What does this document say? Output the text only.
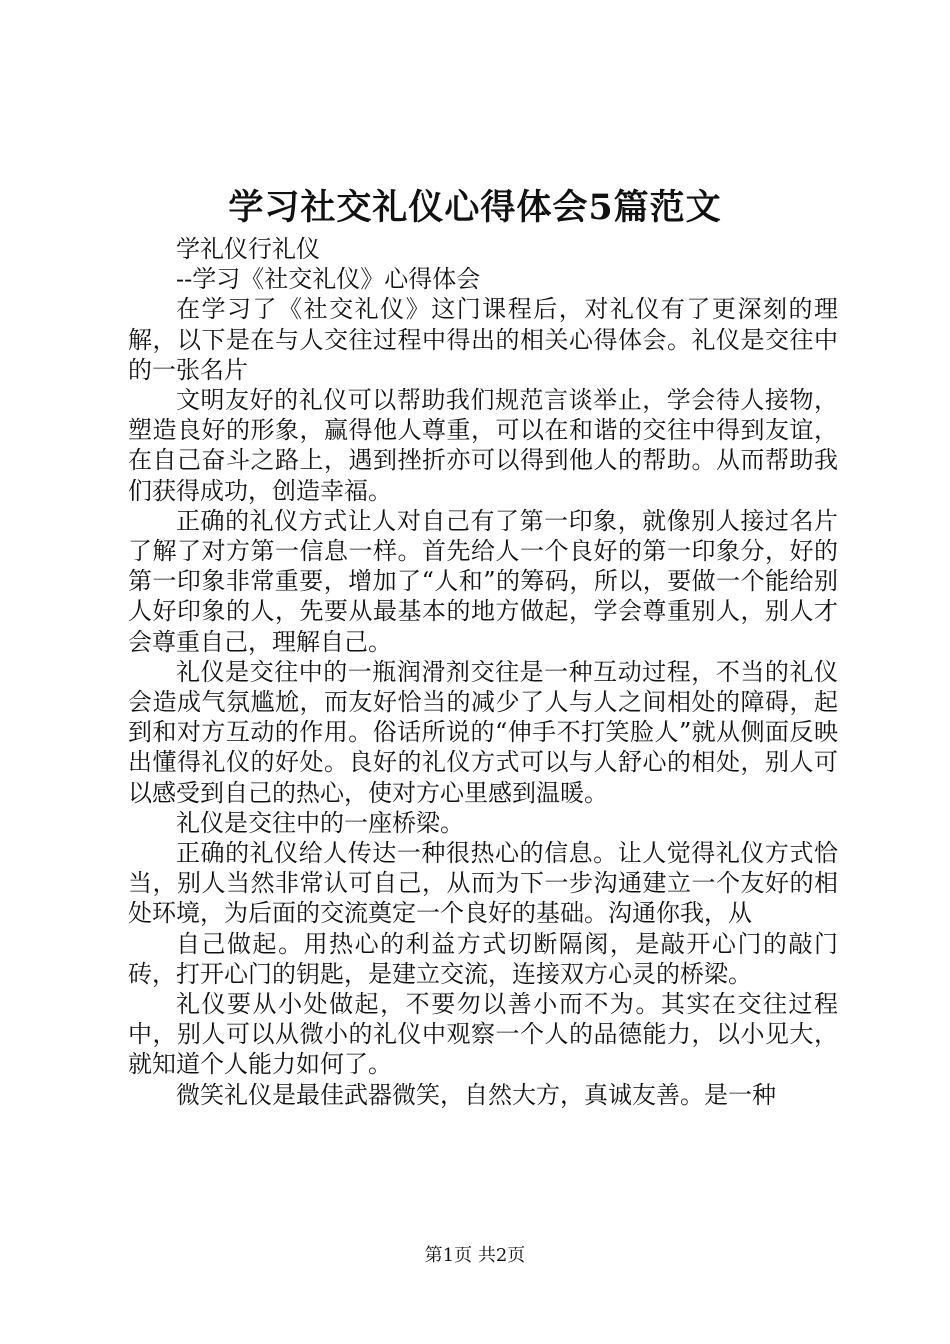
学习社交礼仪心得体会5篇范文

学礼仪行礼仪

--学习《社交礼仪》心得体会

在学习了《社交礼仪》这门课程后，对礼仪有了更深刻的理解，以下是在与人交往过程中得出的相关心得体会。礼仪是交往中的一张名片

文明友好的礼仪可以帮助我们规范言谈举止，学会待人接物，塑造良好的形象，赢得他人尊重，可以在和谐的交往中得到友谊，在自己奋斗之路上，遇到挫折亦可以得到他人的帮助。从而帮助我们获得成功，创造幸福。

正确的礼仪方式让人对自己有了第一印象，就像别人接过名片了解了对方第一信息一样。首先给人一个良好的第一印象分，好的第一印象非常重要，增加了“人和”的筹码，所以，要做一个能给别人好印象的人，先要从最基本的地方做起，学会尊重别人，别人才会尊重自己，理解自己。

礼仪是交往中的一瓶润滑剂交往是一种互动过程，不当的礼仪会造成气氛尴尬，而友好恰当的减少了人与人之间相处的障碍，起到和对方互动的作用。俗话所说的“伸手不打笑脸人”就从侧面反映出懂得礼仪的好处。良好的礼仪方式可以与人舒心的相处，别人可以感受到自己的热心，使对方心里感到温暖。

礼仪是交往中的一座桥梁。

正确的礼仪给人传达一种很热心的信息。让人觉得礼仪方式恰当，别人当然非常认可自己，从而为下一步沟通建立一个友好的相处环境，为后面的交流奠定一个良好的基础。沟通你我，从

自己做起。用热心的利益方式切断隔阂，是敲开心门的敲门砖，打开心门的钥匙，是建立交流，连接双方心灵的桥梁。

礼仪要从小处做起，不要勿以善小而不为。其实在交往过程中，别人可以从微小的礼仪中观察一个人的品德能力，以小见大，就知道个人能力如何了。

微笑礼仪是最佳武器微笑，自然大方，真诚友善。是一种

第1页 共2页
